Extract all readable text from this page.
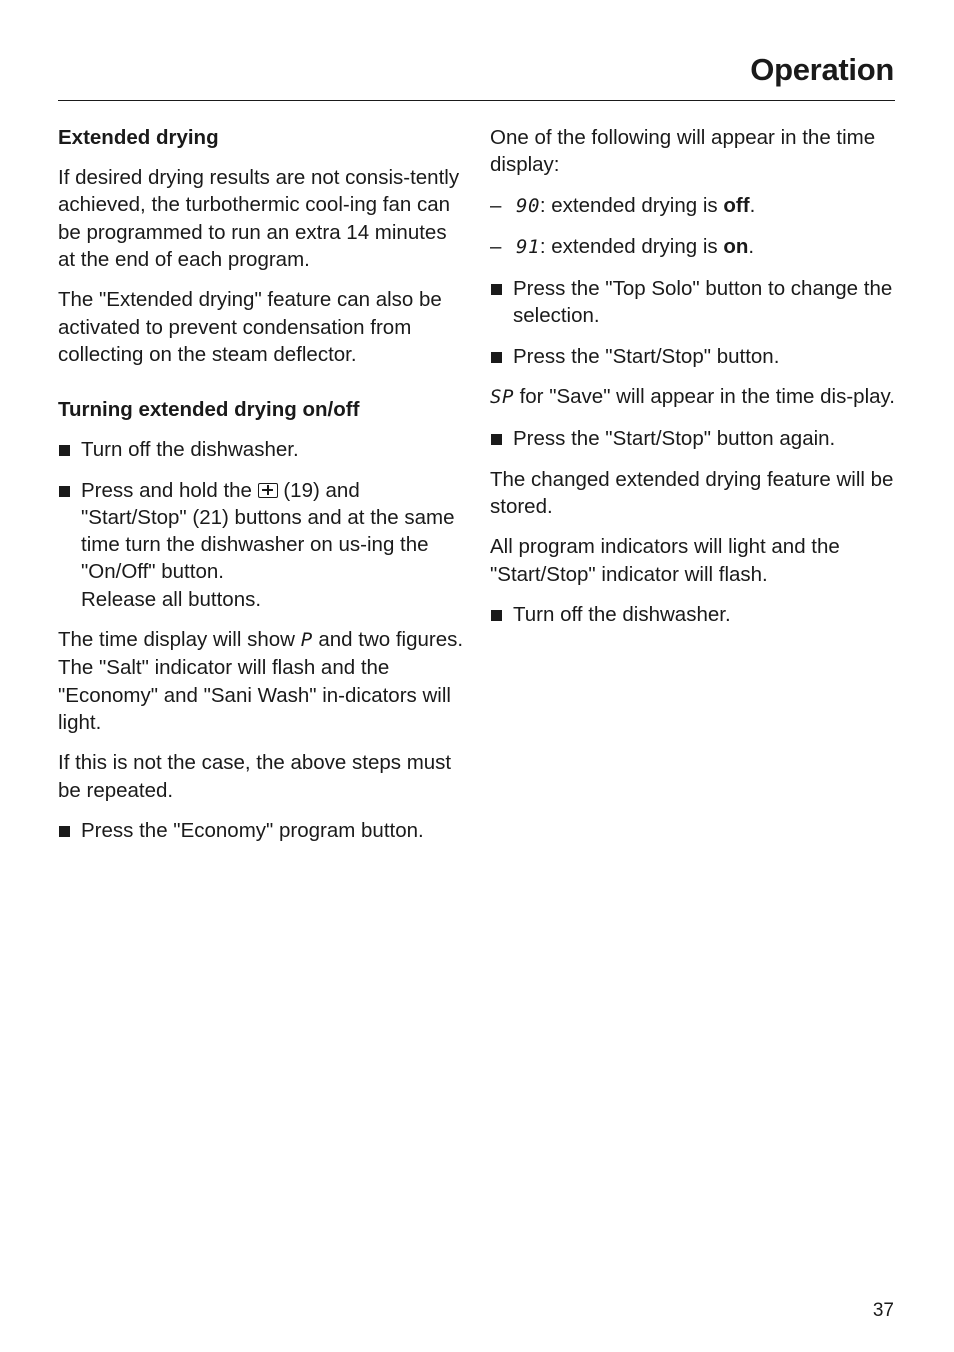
Operation
Extended drying

If desired drying results are not consis-tently achieved, the turbothermic cool-ing fan can be programmed to run an extra 14 minutes at the end of each program.

The "Extended drying" feature can also be activated to prevent condensation from collecting on the steam deflector.

Turning extended drying on/off
Turn off the dishwasher.
Press and hold the (19) and "Start/Stop" (21) buttons and at the same time turn the dishwasher on us-ing the "On/Off" button.
Release all buttons.

The time display will show P and two figures. The "Salt" indicator will flash and the "Economy" and "Sani Wash" in-dicators will light.

If this is not the case, the above steps must be repeated.

Press the "Economy" program button.

One of the following will appear in the time display:

– 90: extended drying is off.
– 91: extended drying is on.
Press the "Top Solo" button to change the selection.
Press the "Start/Stop" button.

SP for "Save" will appear in the time dis-play.

Press the "Start/Stop" button again.

The changed extended drying feature will be stored.

All program indicators will light and the "Start/Stop" indicator will flash.

Turn off the dishwasher.

37
